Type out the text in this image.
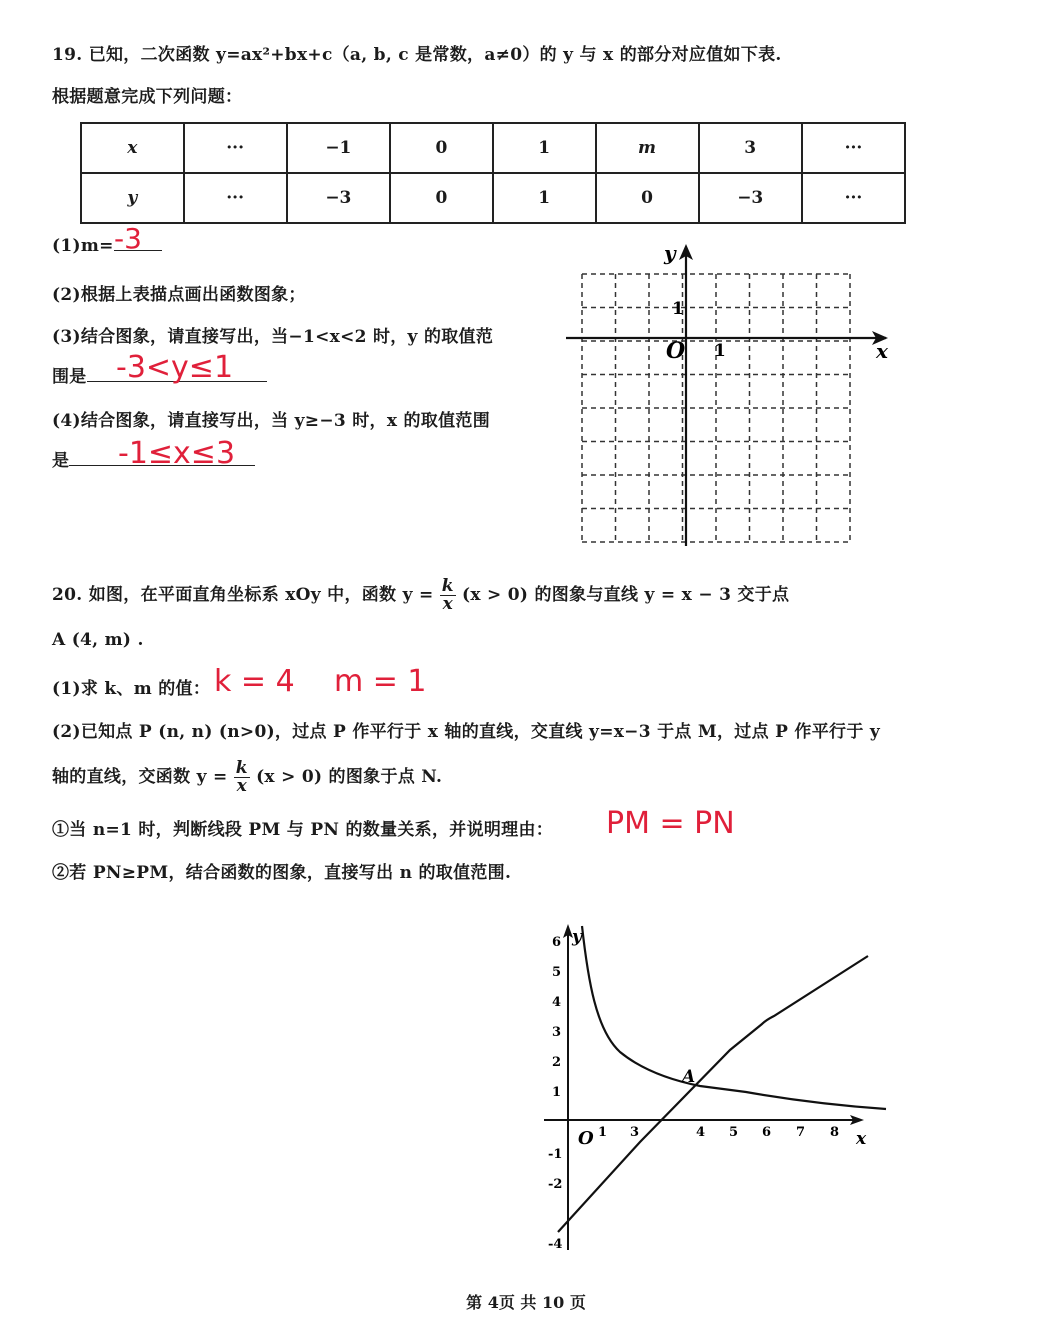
19. 已知，二次函数 y=ax²+bx+c（a, b, c 是常数，a≠0）的 y 与 x 的部分对应值如下表.
根据题意完成下列问题：
x	···	−1	0	1	m	3	···
y	···	−3	0	1	0	−3	···
(1)m= -3
(2)根据上表描点画出函数图象；
(3)结合图象，请直接写出，当−1<x<2 时，y 的取值范
围是 -3<y≤1
(4)结合图象，请直接写出，当 y≥−3 时，x 的取值范围
是	-1≤x≤3
x
y
O 1
1
20. 如图，在平面直角坐标系 xOy 中，函数 $y = \frac{k}{x} (x > 0)$ 的图象与直线 y = x − 3 交于点
A (4, m) .
(1)求 k、m 的值： k = 4 m = 1
(2)已知点 P (n, n) (n>0)，过点 P 作平行于 x 轴的直线，交直线 y=x−3 于点 M，过点 P 作平行于 y
轴的直线，交函数 $y = \frac{k}{x} (x > 0)$ 的图象于点 N.
①当 n=1 时，判断线段 PM 与 PN 的数量关系，并说明理由： PM = PN
②若 PN≥PM，结合函数的图象，直接写出 n 的取值范围.
x
y
O
A
1 3	4 5 6 7 8
6
5
4
3
2
1
-1
-2
-4
第 4页 共 10 页
